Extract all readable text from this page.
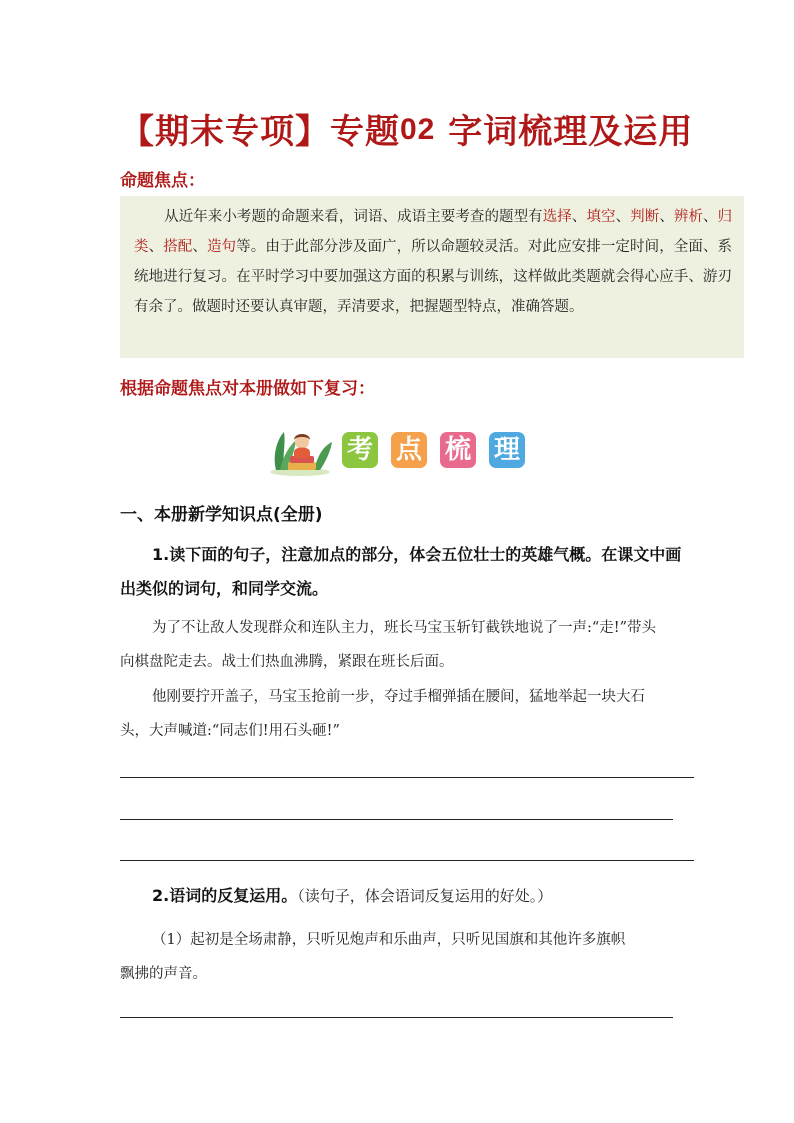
【期末专项】专题02 字词梳理及运用
命题焦点：
从近年来小考题的命题来看，词语、成语主要考查的题型有选择、填空、判断、辨析、归类、搭配、造句等。由于此部分涉及面广，所以命题较灵活。对此应安排一定时间，全面、系统地进行复习。在平时学习中要加强这方面的积累与训练，这样做此类题就会得心应手、游刃有余了。做题时还要认真审题，弄清要求，把握题型特点，准确答题。
根据命题焦点对本册做如下复习：
考 点 梳 理
一、本册新学知识点(全册)
1.读下面的句子，注意加点的部分，体会五位壮士的英雄气概。在课文中画
出类似的词句，和同学交流。
为了不让敌人发现群众和连队主力，班长马宝玉斩钉截铁地说了一声:“走!”带头
向棋盘陀走去。战士们热血沸腾，紧跟在班长后面。
他刚要拧开盖子，马宝玉抢前一步，夺过手榴弹插在腰间，猛地举起一块大石
头，大声喊道:“同志们!用石头砸!”
2.语词的反复运用。（读句子，体会语词反复运用的好处。）
（1）起初是全场肃静，只听见炮声和乐曲声，只听见国旗和其他许多旗帜
飘拂的声音。
